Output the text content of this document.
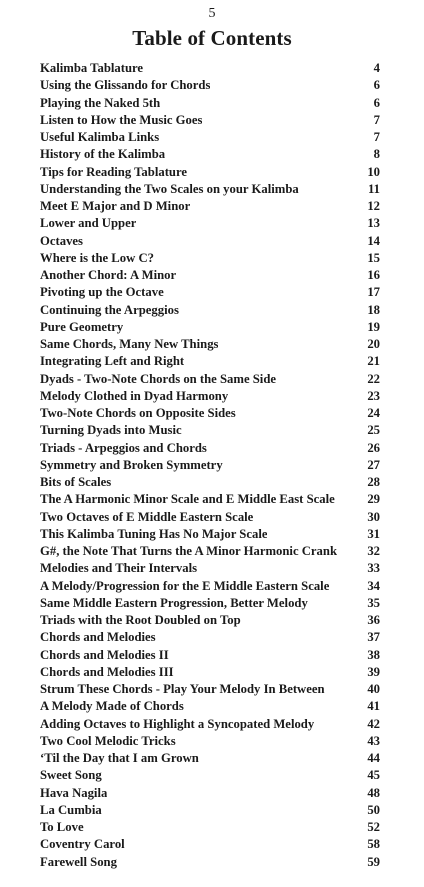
5
Table of Contents
Kalimba Tablature	4
Using the Glissando for Chords	6
Playing the Naked 5th	6
Listen to How the Music Goes	7
Useful Kalimba Links	7
History of the Kalimba	8
Tips for Reading Tablature	10
Understanding the Two Scales on your Kalimba	11
Meet E Major and D Minor	12
Lower and Upper	13
Octaves	14
Where is the Low C?	15
Another Chord: A Minor	16
Pivoting up the Octave	17
Continuing the Arpeggios	18
Pure Geometry	19
Same Chords, Many New Things	20
Integrating Left and Right	21
Dyads - Two-Note Chords on the Same Side	22
Melody Clothed in Dyad Harmony	23
Two-Note Chords on Opposite Sides	24
Turning Dyads into Music	25
Triads - Arpeggios and Chords	26
Symmetry and Broken Symmetry	27
Bits of Scales	28
The A Harmonic Minor Scale and E Middle East Scale	29
Two Octaves of E Middle Eastern Scale	30
This Kalimba Tuning Has No Major Scale	31
G#, the Note That Turns the A Minor Harmonic Crank	32
Melodies and Their Intervals	33
A Melody/Progression for the E Middle Eastern Scale	34
Same Middle Eastern Progression, Better Melody	35
Triads with the Root Doubled on Top	36
Chords and Melodies	37
Chords and Melodies II	38
Chords and Melodies III	39
Strum These Chords - Play Your Melody In Between	40
A Melody Made of Chords	41
Adding Octaves to Highlight a Syncopated Melody	42
Two Cool Melodic Tricks	43
‘Til the Day that I am Grown	44
Sweet Song	45
Hava Nagila	48
La Cumbia	50
To Love	52
Coventry Carol	58
Farewell Song	59
